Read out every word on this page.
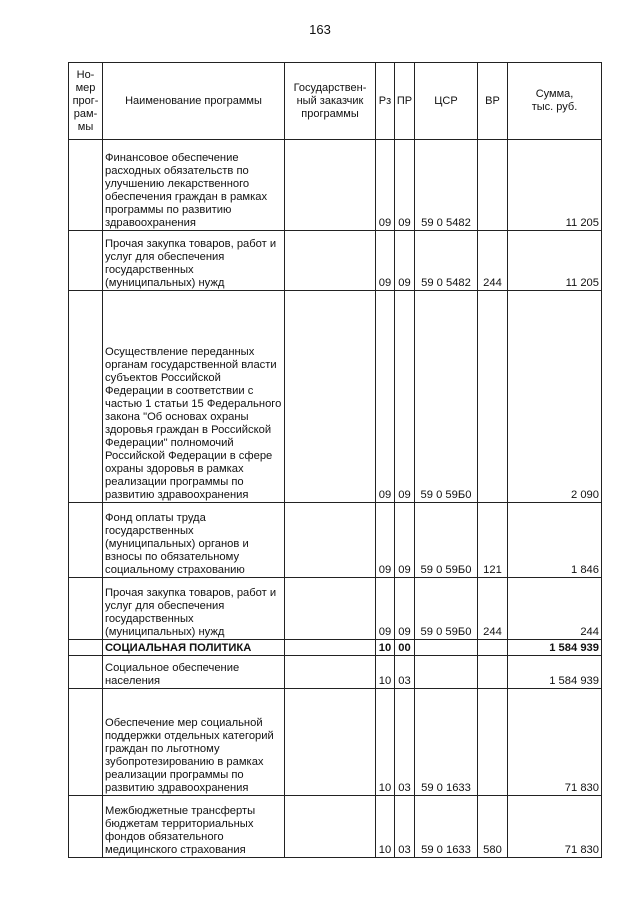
163
Но-
мер
прог-
рам-
мы	Наименование программы	Государствен-
ный заказчик
программы	Рз	ПР	ЦСР	ВР	Сумма,
тыс. руб.
	Финансовое обеспечение расходных обязательств по улучшению лекарственного обеспечения граждан в рамках программы по развитию здравоохранения		09	09	59 0 5482		11 205
	Прочая закупка товаров, работ и услуг для обеспечения государственных (муниципальных) нужд		09	09	59 0 5482	244	11 205
	Осуществление переданных органам государственной власти субъектов Российской Федерации в соответствии с частью 1 статьи 15 Федерального закона "Об основах охраны здоровья граждан в Российской Федерации" полномочий Российской Федерации в сфере охраны здоровья в рамках реализации программы по развитию здравоохранения		09	09	59 0 59Б0		2 090
	Фонд оплаты труда государственных (муниципальных) органов и взносы по обязательному социальному страхованию		09	09	59 0 59Б0	121	1 846
	Прочая закупка товаров, работ и услуг для обеспечения государственных (муниципальных) нужд		09	09	59 0 59Б0	244	244
	СОЦИАЛЬНАЯ ПОЛИТИКА		10	00			1 584 939
	Социальное обеспечение населения		10	03			1 584 939
	Обеспечение мер социальной поддержки отдельных категорий граждан по льготному зубопротезированию в рамках реализации программы по развитию здравоохранения		10	03	59 0 1633		71 830
	Межбюджетные трансферты бюджетам территориальных фондов обязательного медицинского страхования		10	03	59 0 1633	580	71 830
